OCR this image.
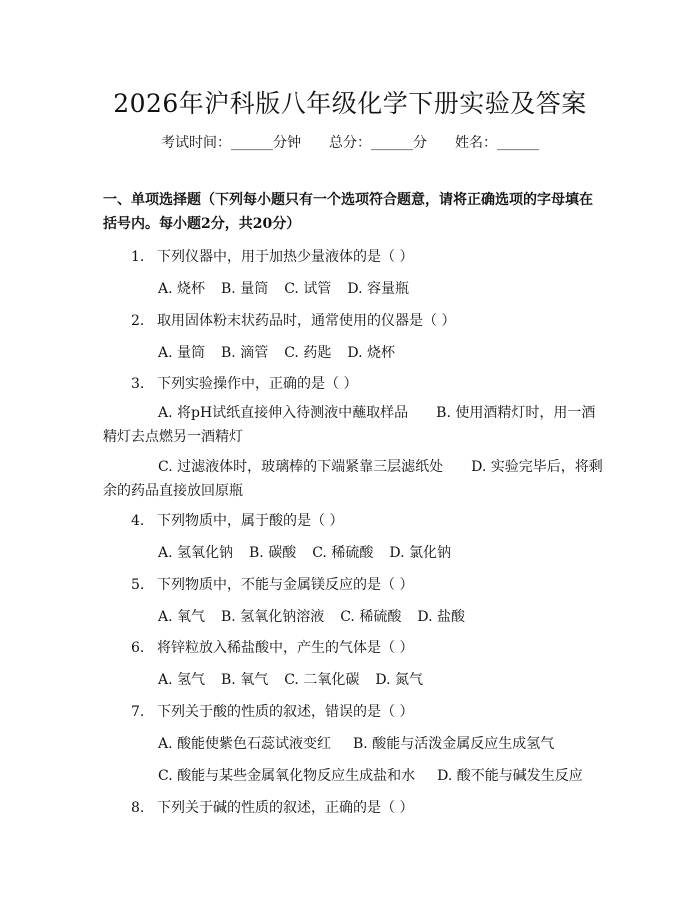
2026年沪科版八年级化学下册实验及答案
考试时间：______分钟 总分：______分 姓名：______
一、单项选择题（下列每小题只有一个选项符合题意，请将正确选项的字母填在括号内。每小题2分，共20分）
1. 下列仪器中，用于加热少量液体的是（ ）
A. 烧杯 B. 量筒 C. 试管 D. 容量瓶
2. 取用固体粉末状药品时，通常使用的仪器是（ ）
A. 量筒 B. 滴管 C. 药匙 D. 烧杯
3. 下列实验操作中，正确的是（ ）
A. 将pH试纸直接伸入待测液中蘸取样品　　B. 使用酒精灯时，用一酒精灯去点燃另一酒精灯
C. 过滤液体时，玻璃棒的下端紧靠三层滤纸处　　D. 实验完毕后，将剩余的药品直接放回原瓶
4. 下列物质中，属于酸的是（ ）
A. 氢氧化钠 B. 碳酸 C. 稀硫酸 D. 氯化钠
5. 下列物质中，不能与金属镁反应的是（ ）
A. 氧气 B. 氢氧化钠溶液 C. 稀硫酸 D. 盐酸
6. 将锌粒放入稀盐酸中，产生的气体是（ ）
A. 氢气 B. 氧气 C. 二氧化碳 D. 氮气
7. 下列关于酸的性质的叙述，错误的是（ ）
A. 酸能使紫色石蕊试液变红 B. 酸能与活泼金属反应生成氢气
C. 酸能与某些金属氧化物反应生成盐和水 D. 酸不能与碱发生反应
8. 下列关于碱的性质的叙述，正确的是（ ）
